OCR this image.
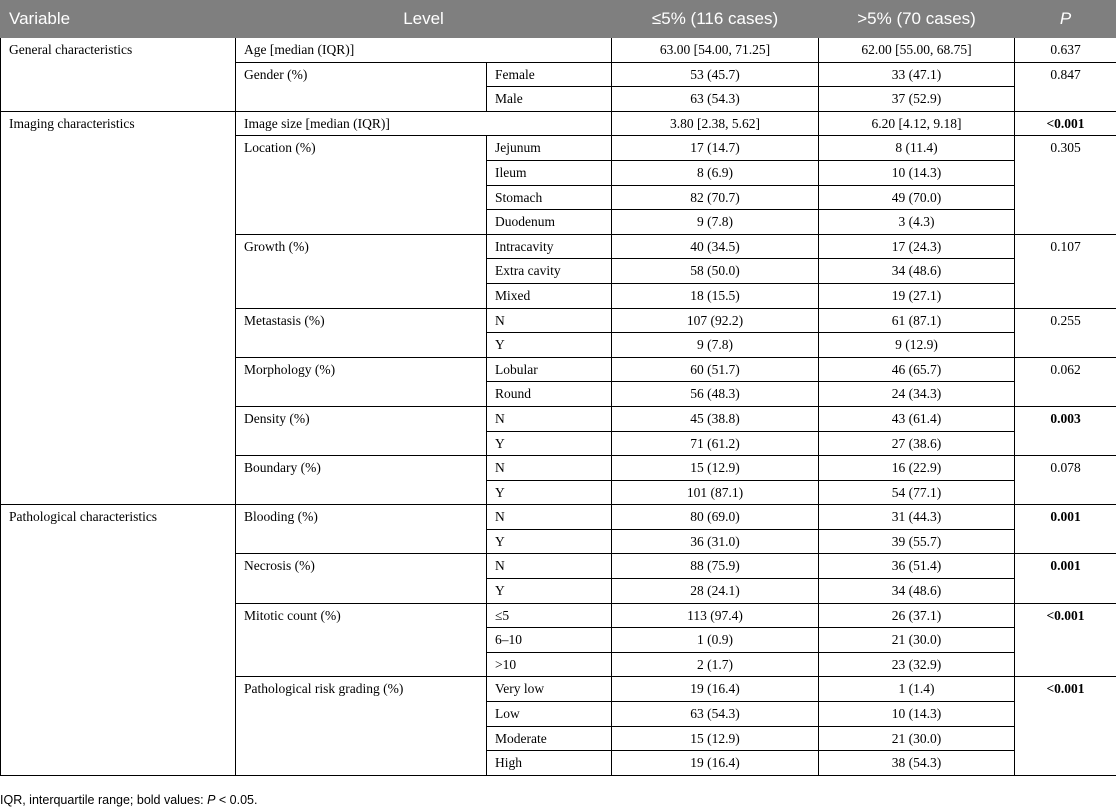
Variable	Level		≤5% (116 cases)	>5% (70 cases)	P
General characteristics	Age [median (IQR)]		63.00 [54.00, 71.25]	62.00 [55.00, 68.75]	0.637
	Gender (%)	Female	53 (45.7)	33 (47.1)	0.847
		Male	63 (54.3)	37 (52.9)	
Imaging characteristics	Image size [median (IQR)]		3.80 [2.38, 5.62]	6.20 [4.12, 9.18]	<0.001
	Location (%)	Jejunum	17 (14.7)	8 (11.4)	0.305
		Ileum	8 (6.9)	10 (14.3)	
		Stomach	82 (70.7)	49 (70.0)	
		Duodenum	9 (7.8)	3 (4.3)	
	Growth (%)	Intracavity	40 (34.5)	17 (24.3)	0.107
		Extra cavity	58 (50.0)	34 (48.6)	
		Mixed	18 (15.5)	19 (27.1)	
	Metastasis (%)	N	107 (92.2)	61 (87.1)	0.255
		Y	9 (7.8)	9 (12.9)	
	Morphology (%)	Lobular	60 (51.7)	46 (65.7)	0.062
		Round	56 (48.3)	24 (34.3)	
	Density (%)	N	45 (38.8)	43 (61.4)	0.003
		Y	71 (61.2)	27 (38.6)	
	Boundary (%)	N	15 (12.9)	16 (22.9)	0.078
		Y	101 (87.1)	54 (77.1)	
Pathological characteristics	Blooding (%)	N	80 (69.0)	31 (44.3)	0.001
		Y	36 (31.0)	39 (55.7)	
	Necrosis (%)	N	88 (75.9)	36 (51.4)	0.001
		Y	28 (24.1)	34 (48.6)	
	Mitotic count (%)	≤5	113 (97.4)	26 (37.1)	<0.001
		6–10	1 (0.9)	21 (30.0)	
		>10	2 (1.7)	23 (32.9)	
	Pathological risk grading (%)	Very low	19 (16.4)	1 (1.4)	<0.001
		Low	63 (54.3)	10 (14.3)	
		Moderate	15 (12.9)	21 (30.0)	
		High	19 (16.4)	38 (54.3)	
IQR, interquartile range; bold values: P < 0.05.
